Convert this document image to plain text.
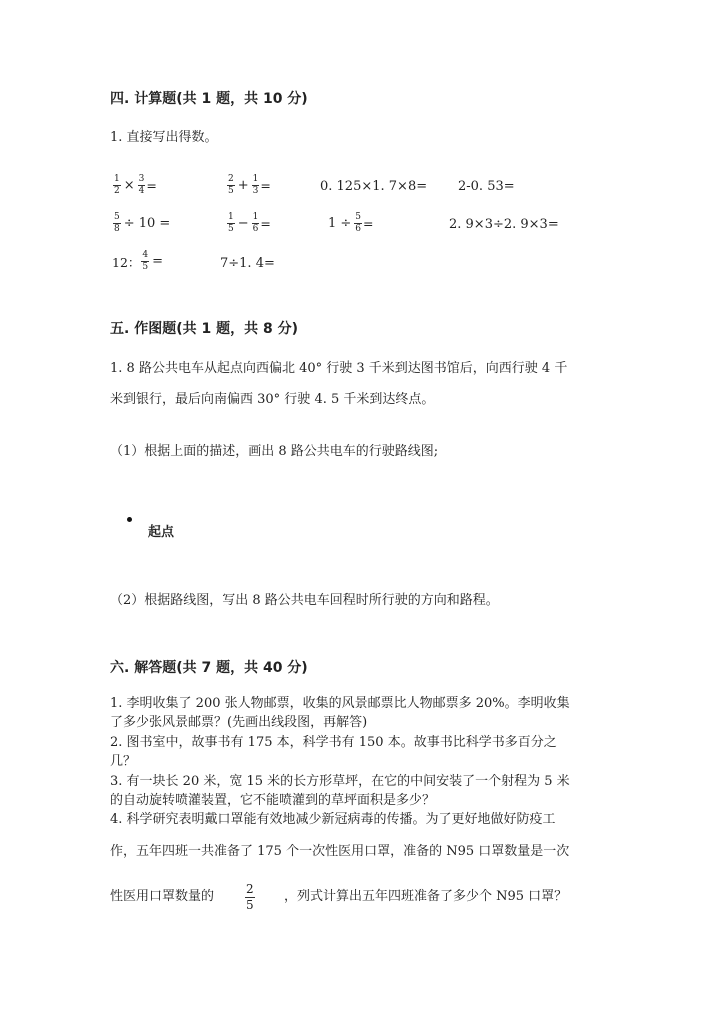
四. 计算题(共 1 题，共 10 分)
1. 直接写出得数。
$\frac{1}{2} \times \frac{3}{4}$ =	$\frac{2}{5} + \frac{1}{3}$ =	0. 125×1. 7×8= 2-0. 53=
$\frac{5}{8} \div 10$ =	$\frac{1}{5} - \frac{1}{6}$ =	$1 \div \frac{5}{6}$ =	2. 9×3÷2. 9×3=
12： $\frac{4}{5}$ =	7÷1. 4=
五. 作图题(共 1 题，共 8 分)
1. 8 路公共电车从起点向西偏北 40° 行驶 3 千米到达图书馆后，向西行驶 4 千
米到银行，最后向南偏西 30° 行驶 4. 5 千米到达终点。
（1）根据上面的描述，画出 8 路公共电车的行驶路线图;
起点
（2）根据路线图，写出 8 路公共电车回程时所行驶的方向和路程。
六. 解答题(共 7 题，共 40 分)
1. 李明收集了 200 张人物邮票，收集的风景邮票比人物邮票多 20%。李明收集
了多少张风景邮票？(先画出线段图，再解答)
2. 图书室中，故事书有 175 本，科学书有 150 本。故事书比科学书多百分之
几？
3. 有一块长 20 米，宽 15 米的长方形草坪，在它的中间安装了一个射程为 5 米
的自动旋转喷灌装置，它不能喷灌到的草坪面积是多少？
4. 科学研究表明戴口罩能有效地减少新冠病毒的传播。为了更好地做好防疫工
作，五年四班一共准备了 175 个一次性医用口罩，准备的 N95 口罩数量是一次
性医用口罩数量的	$\frac{2}{5}$ ，列式计算出五年四班准备了多少个 N95 口罩？
